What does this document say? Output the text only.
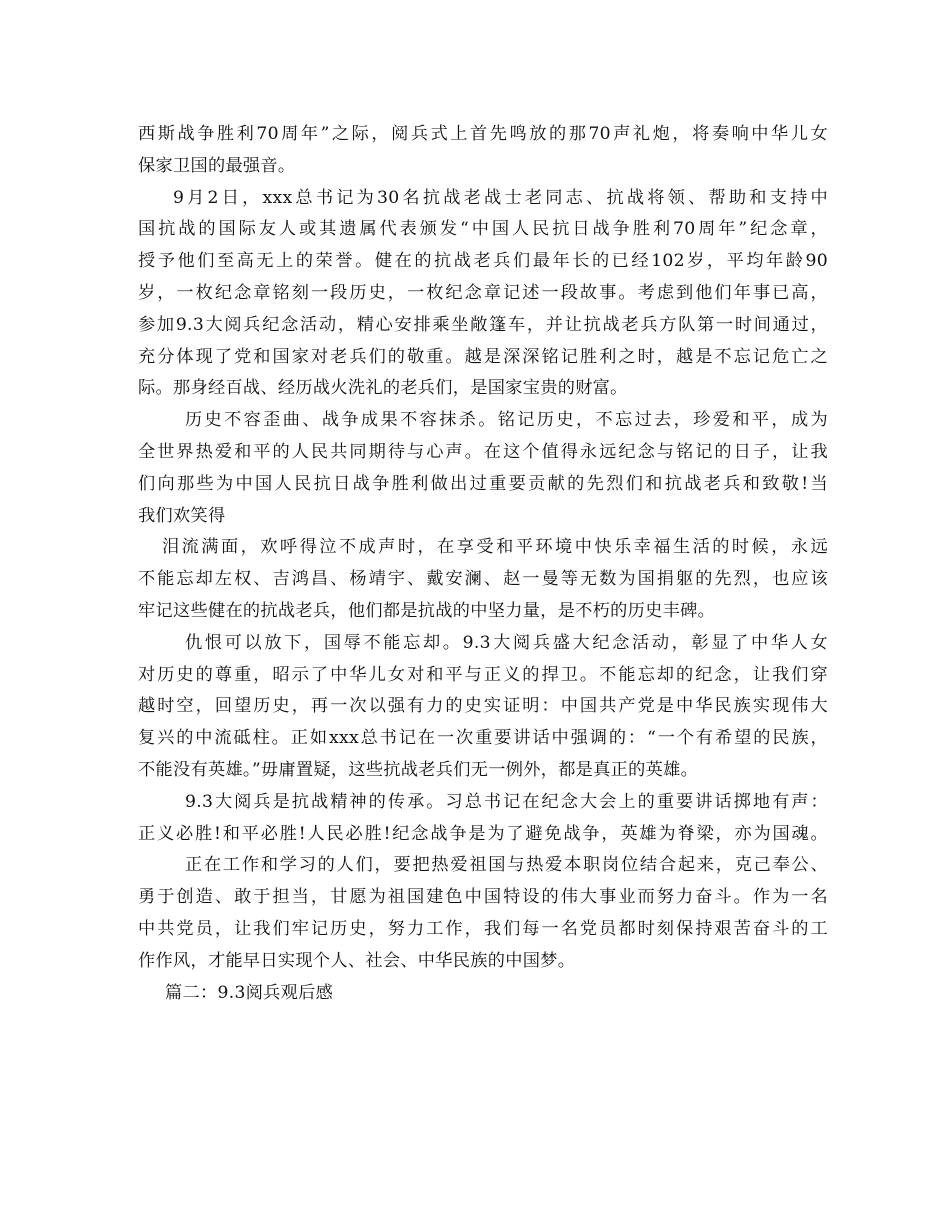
西斯战争胜利70周年”之际，阅兵式上首先鸣放的那70声礼炮，将奏响中华儿女
保家卫国的最强音。
9月2日，xxx总书记为30名抗战老战士老同志、抗战将领、帮助和支持中
国抗战的国际友人或其遗属代表颁发“中国人民抗日战争胜利70周年”纪念章，
授予他们至高无上的荣誉。健在的抗战老兵们最年长的已经102岁，平均年龄90
岁，一枚纪念章铭刻一段历史，一枚纪念章记述一段故事。考虑到他们年事已高，
参加9.3大阅兵纪念活动，精心安排乘坐敞篷车，并让抗战老兵方队第一时间通过，
充分体现了党和国家对老兵们的敬重。越是深深铭记胜利之时，越是不忘记危亡之
际。那身经百战、经历战火洗礼的老兵们，是国家宝贵的财富。
历史不容歪曲、战争成果不容抹杀。铭记历史，不忘过去，珍爱和平，成为
全世界热爱和平的人民共同期待与心声。在这个值得永远纪念与铭记的日子，让我
们向那些为中国人民抗日战争胜利做出过重要贡献的先烈们和抗战老兵和致敬!当
我们欢笑得
泪流满面，欢呼得泣不成声时，在享受和平环境中快乐幸福生活的时候，永远
不能忘却左权、吉鸿昌、杨靖宇、戴安澜、赵一曼等无数为国捐躯的先烈，也应该
牢记这些健在的抗战老兵，他们都是抗战的中坚力量，是不朽的历史丰碑。
仇恨可以放下，国辱不能忘却。9.3大阅兵盛大纪念活动，彰显了中华人女
对历史的尊重，昭示了中华儿女对和平与正义的捍卫。不能忘却的纪念，让我们穿
越时空，回望历史，再一次以强有力的史实证明：中国共产党是中华民族实现伟大
复兴的中流砥柱。正如xxx总书记在一次重要讲话中强调的：“一个有希望的民族，
不能没有英雄。”毋庸置疑，这些抗战老兵们无一例外，都是真正的英雄。
9.3大阅兵是抗战精神的传承。习总书记在纪念大会上的重要讲话掷地有声：
正义必胜!和平必胜!人民必胜!纪念战争是为了避免战争，英雄为脊梁，亦为国魂。
正在工作和学习的人们，要把热爱祖国与热爱本职岗位结合起来，克己奉公、
勇于创造、敢于担当，甘愿为祖国建色中国特设的伟大事业而努力奋斗。作为一名
中共党员，让我们牢记历史，努力工作，我们每一名党员都时刻保持艰苦奋斗的工
作作风，才能早日实现个人、社会、中华民族的中国梦。
篇二：9.3阅兵观后感
